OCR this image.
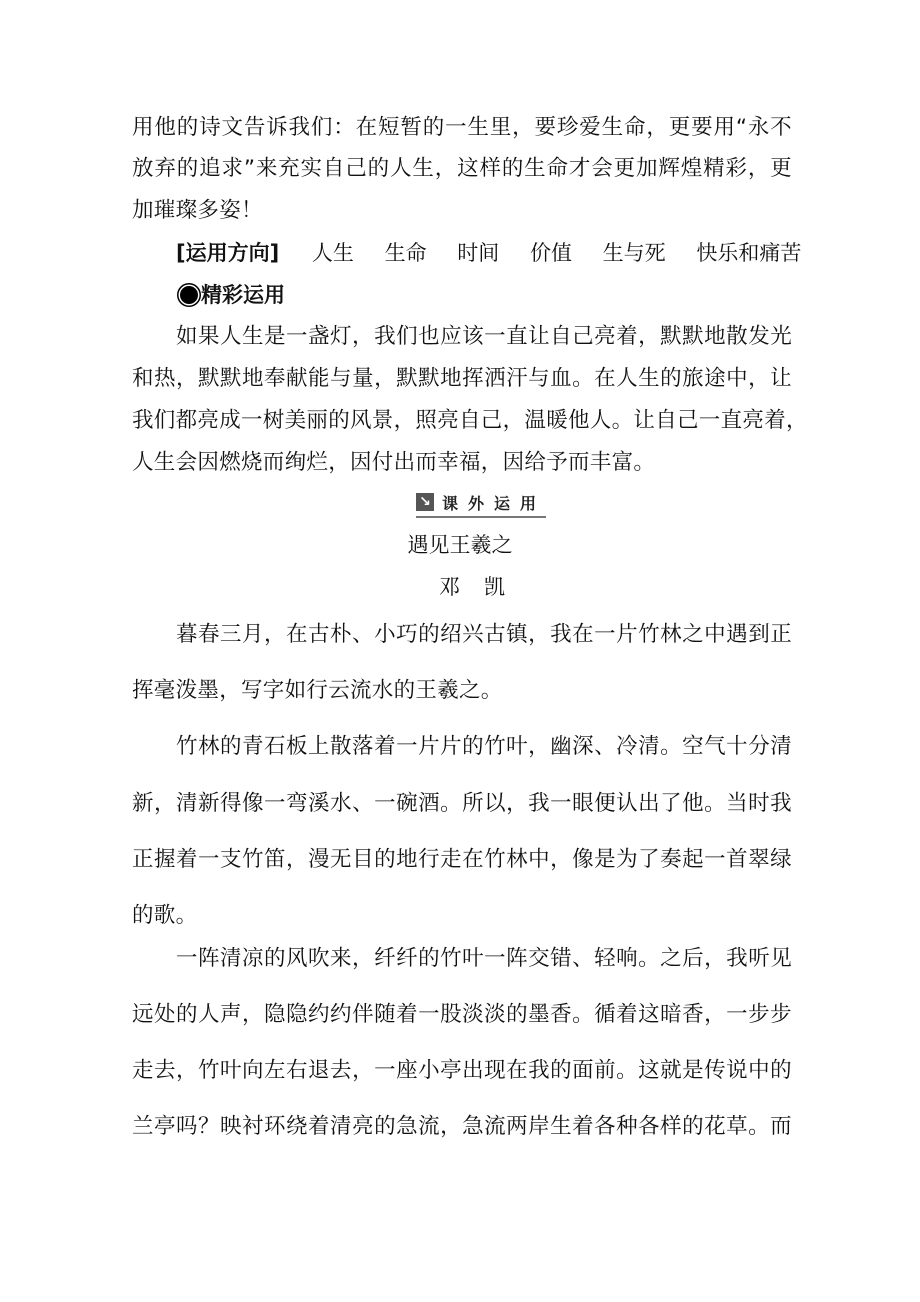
用他的诗文告诉我们：在短暂的一生里，要珍爱生命，更要用“永不
放弃的追求”来充实自己的人生，这样的生命才会更加辉煌精彩，更
加璀璨多姿！
[运用方向] 人生 生命 时间 价值 生与死 快乐和痛苦
精彩运用
如果人生是一盏灯，我们也应该一直让自己亮着，默默地散发光
和热，默默地奉献能与量，默默地挥洒汗与血。在人生的旅途中，让
我们都亮成一树美丽的风景，照亮自己，温暖他人。让自己一直亮着，
人生会因燃烧而绚烂，因付出而幸福，因给予而丰富。
↘ 课外运用
遇见王羲之
邓凯
暮春三月，在古朴、小巧的绍兴古镇，我在一片竹林之中遇到正
挥毫泼墨，写字如行云流水的王羲之。
竹林的青石板上散落着一片片的竹叶，幽深、冷清。空气十分清
新，清新得像一弯溪水、一碗酒。所以，我一眼便认出了他。当时我
正握着一支竹笛，漫无目的地行走在竹林中，像是为了奏起一首翠绿
的歌。
一阵清凉的风吹来，纤纤的竹叶一阵交错、轻响。之后，我听见
远处的人声，隐隐约约伴随着一股淡淡的墨香。循着这暗香，一步步
走去，竹叶向左右退去，一座小亭出现在我的面前。这就是传说中的
兰亭吗？映衬环绕着清亮的急流，急流两岸生着各种各样的花草。而
